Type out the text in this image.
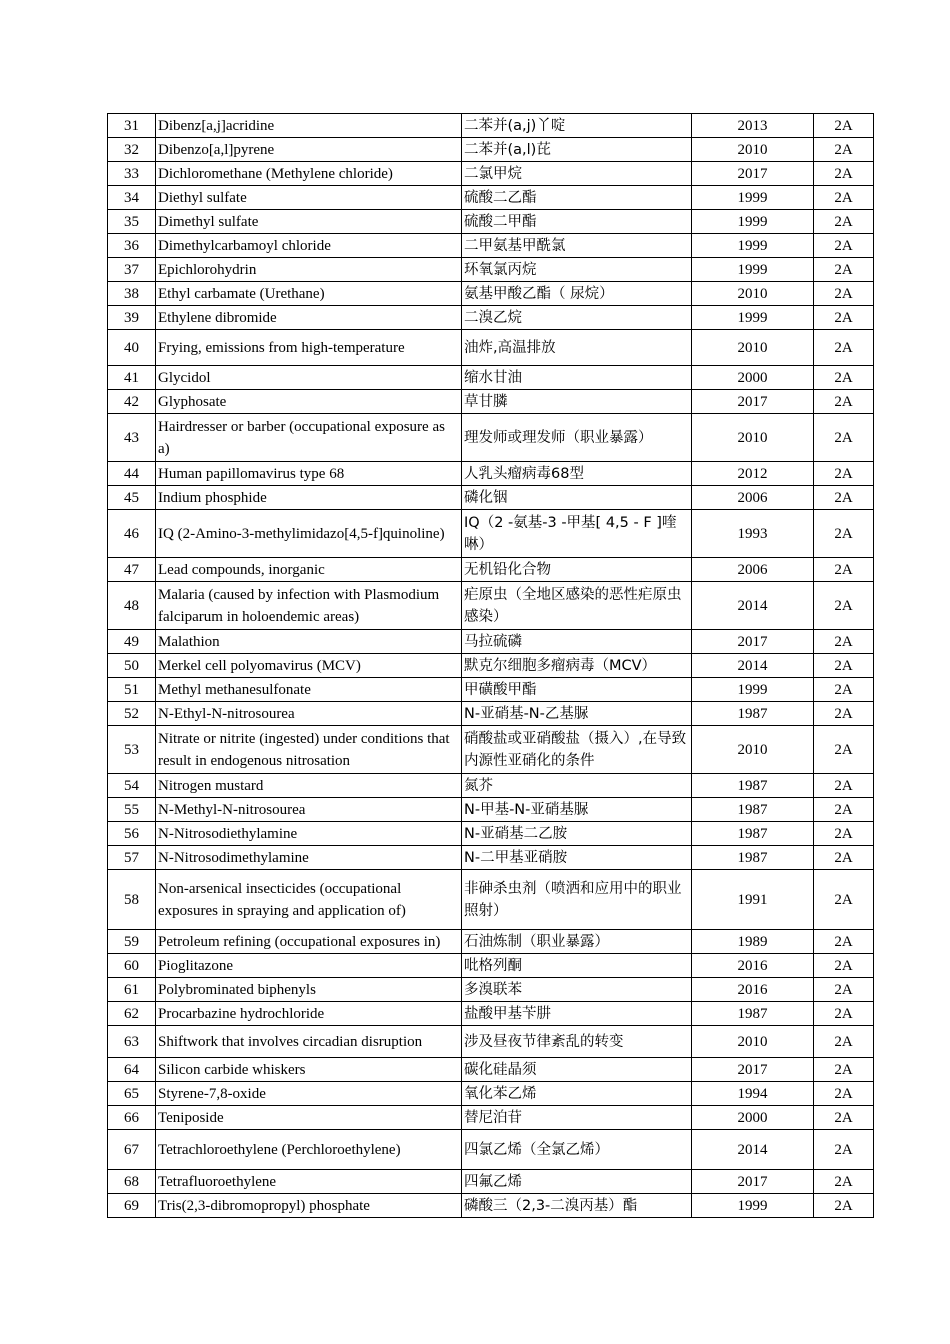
31	Dibenz[a,j]acridine	二苯并(a,j)丫啶	2013	2A
32	Dibenzo[a,l]pyrene	二苯并(a,l)芘	2010	2A
33	Dichloromethane (Methylene chloride)	二氯甲烷	2017	2A
34	Diethyl sulfate	硫酸二乙酯	1999	2A
35	Dimethyl sulfate	硫酸二甲酯	1999	2A
36	Dimethylcarbamoyl chloride	二甲氨基甲酰氯	1999	2A
37	Epichlorohydrin	环氧氯丙烷	1999	2A
38	Ethyl carbamate (Urethane)	氨基甲酸乙酯（ 尿烷）	2010	2A
39	Ethylene dibromide	二溴乙烷	1999	2A
40	Frying, emissions from high-temperature	油炸,高温排放	2010	2A
41	Glycidol	缩水甘油	2000	2A
42	Glyphosate	草甘膦	2017	2A
43	Hairdresser or barber (occupational exposure as a)	理发师或理发师（职业暴露）	2010	2A
44	Human papillomavirus type 68	人乳头瘤病毒68型	2012	2A
45	Indium phosphide	磷化铟	2006	2A
46	IQ (2-Amino-3-methylimidazo[4,5-f]quinoline)	IQ（2 -氨基-3 -甲基[ 4,5 - F ]喹啉）	1993	2A
47	Lead compounds, inorganic	无机铅化合物	2006	2A
48	Malaria (caused by infection with Plasmodium falciparum in holoendemic areas)	疟原虫（全地区感染的恶性疟原虫感染）	2014	2A
49	Malathion	马拉硫磷	2017	2A
50	Merkel cell polyomavirus (MCV)	默克尔细胞多瘤病毒（MCV）	2014	2A
51	Methyl methanesulfonate	甲磺酸甲酯	1999	2A
52	N-Ethyl-N-nitrosourea	N-亚硝基-N-乙基脲	1987	2A
53	Nitrate or nitrite (ingested) under conditions that result in endogenous nitrosation	硝酸盐或亚硝酸盐（摄入）,在导致内源性亚硝化的条件	2010	2A
54	Nitrogen mustard	氮芥	1987	2A
55	N-Methyl-N-nitrosourea	N-甲基-N-亚硝基脲	1987	2A
56	N-Nitrosodiethylamine	N-亚硝基二乙胺	1987	2A
57	N-Nitrosodimethylamine	N-二甲基亚硝胺	1987	2A
58	Non-arsenical insecticides (occupational exposures in spraying and application of)	非砷杀虫剂（喷洒和应用中的职业照射）	1991	2A
59	Petroleum refining (occupational exposures in)	石油炼制（职业暴露）	1989	2A
60	Pioglitazone	吡格列酮	2016	2A
61	Polybrominated biphenyls	多溴联苯	2016	2A
62	Procarbazine hydrochloride	盐酸甲基苄肼	1987	2A
63	Shiftwork that involves circadian disruption	涉及昼夜节律紊乱的转变	2010	2A
64	Silicon carbide whiskers	碳化硅晶须	2017	2A
65	Styrene-7,8-oxide	氧化苯乙烯	1994	2A
66	Teniposide	替尼泊苷	2000	2A
67	Tetrachloroethylene (Perchloroethylene)	四氯乙烯（全氯乙烯）	2014	2A
68	Tetrafluoroethylene	四氟乙烯	2017	2A
69	Tris(2,3-dibromopropyl) phosphate	磷酸三（2,3-二溴丙基）酯	1999	2A
